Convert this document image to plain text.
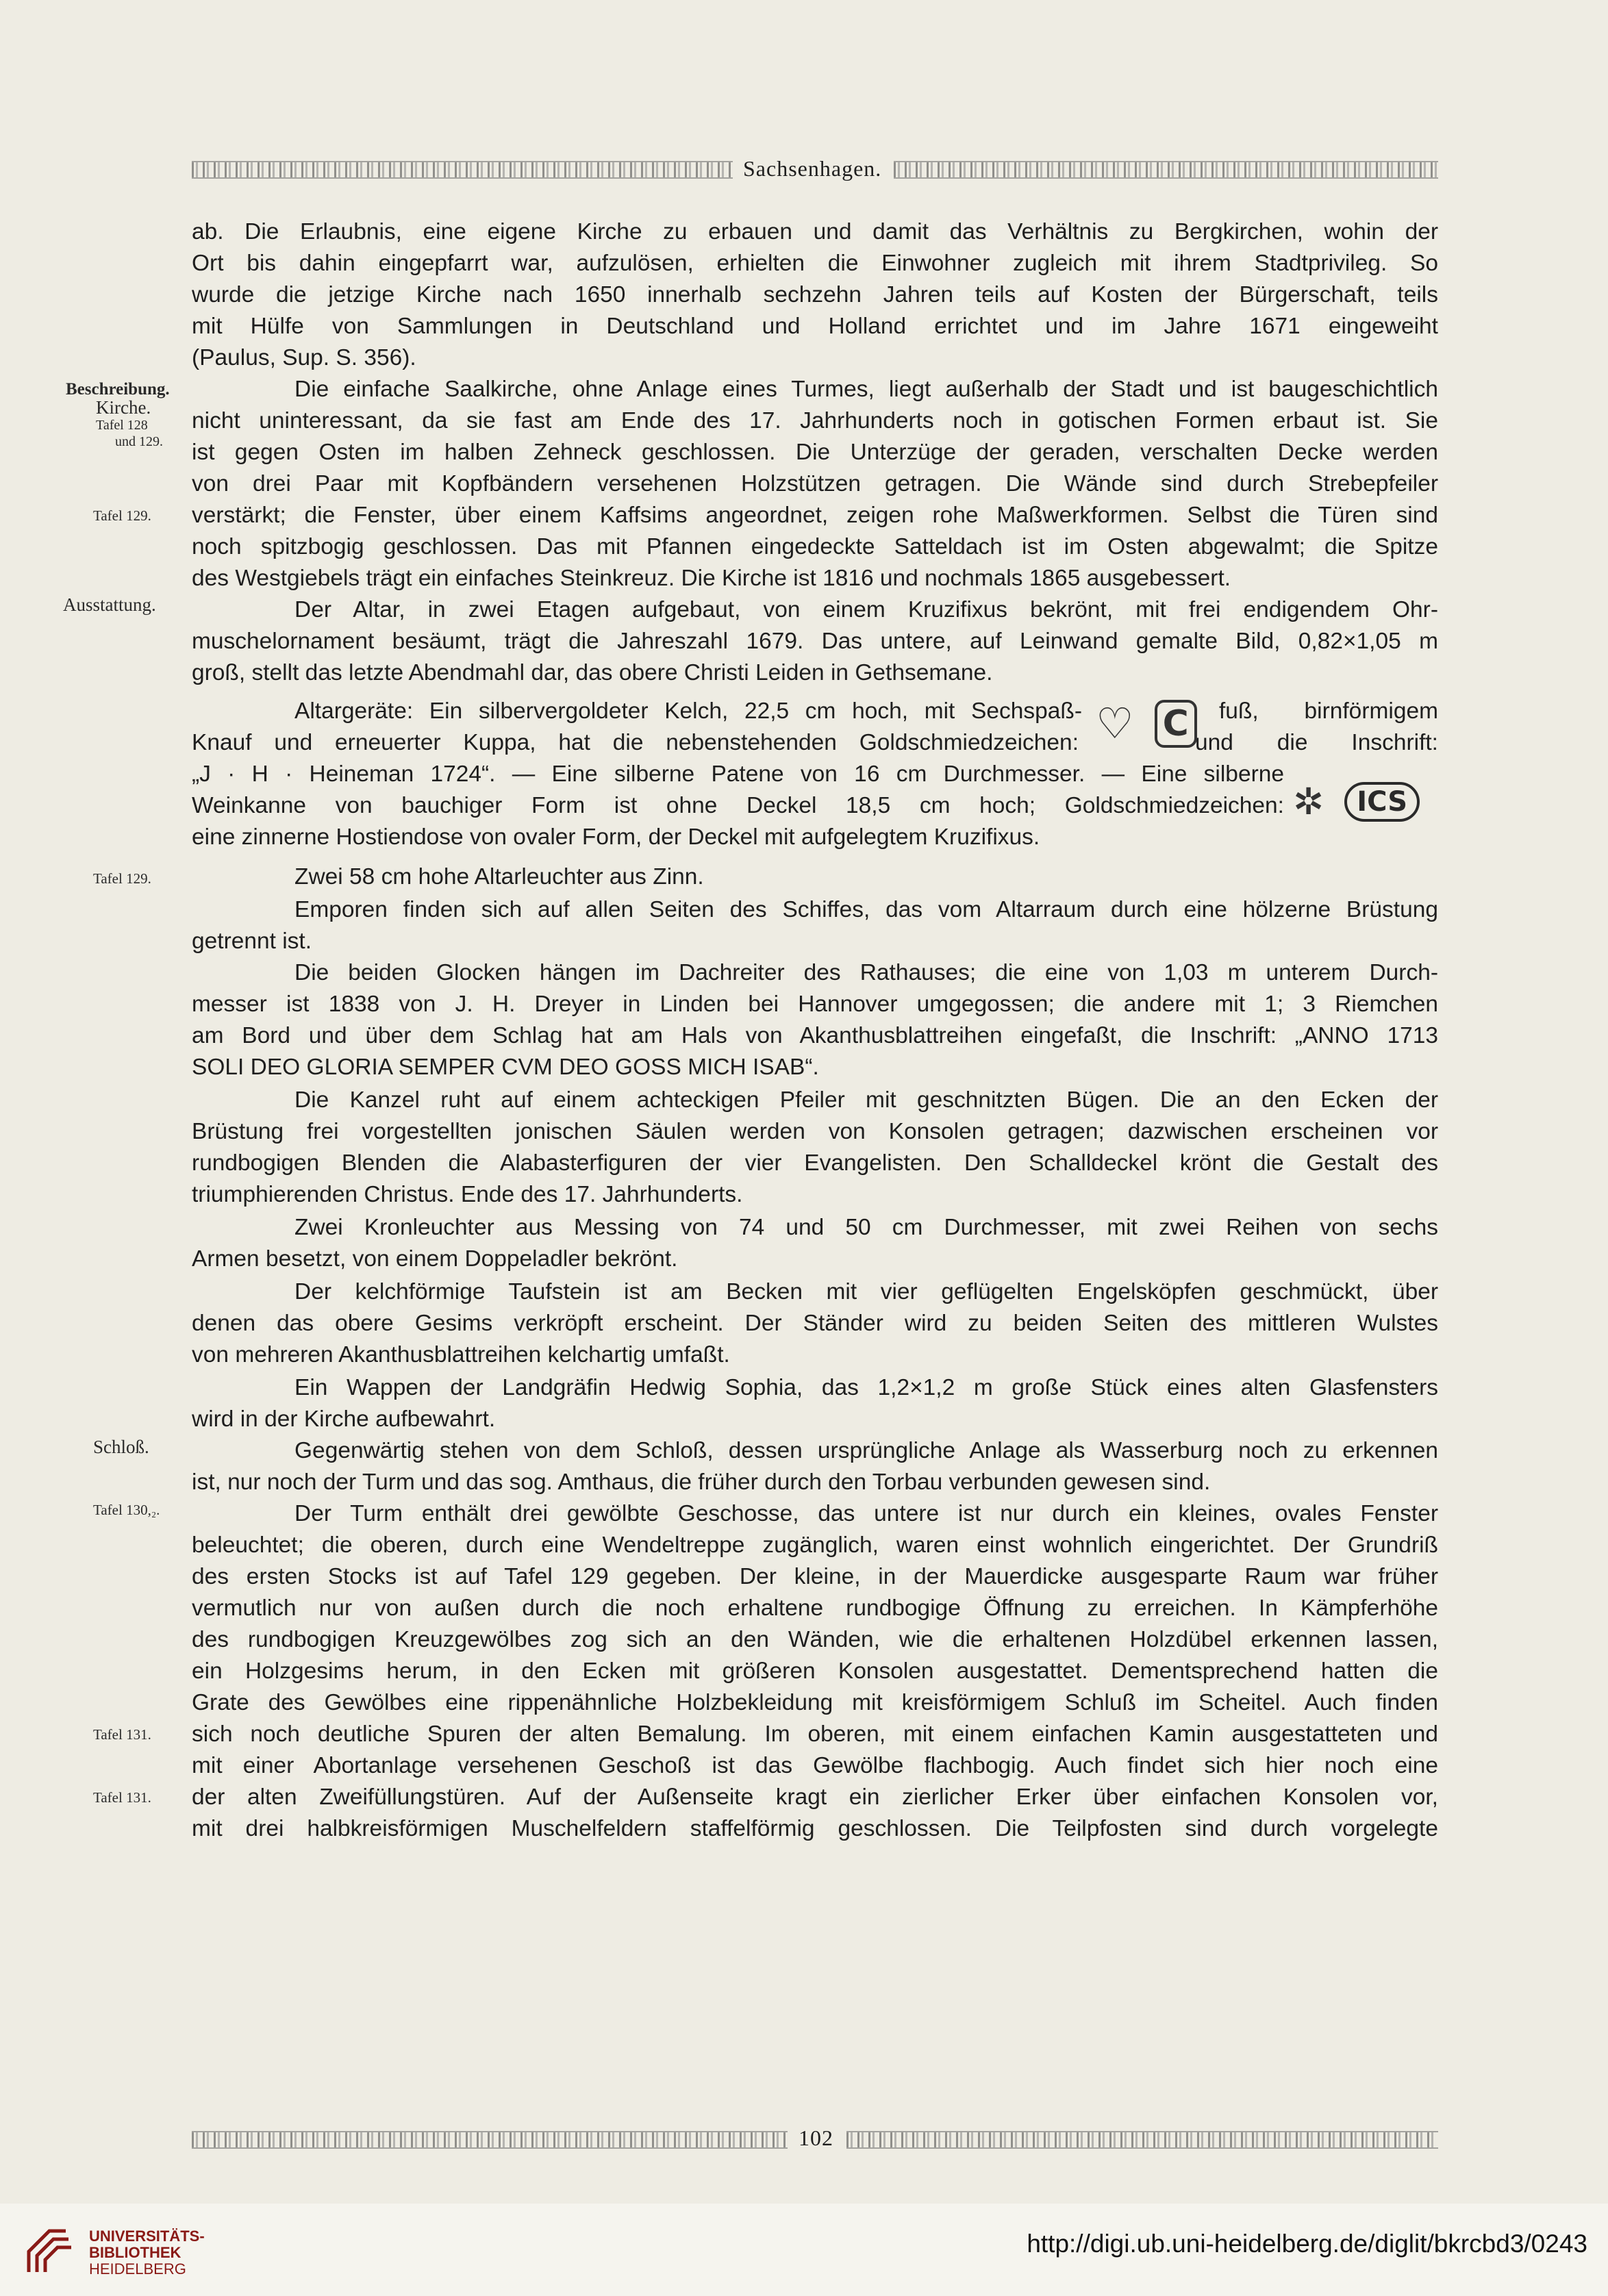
Sachsenhagen.
Beschreibung.
Kirche.
Tafel 128
und 129.
Tafel 129.
Ausstattung.
Tafel 129.
Schloß.
Tafel 130,₂.
Tafel 131.
Tafel 131.
ab. Die Erlaubnis, eine eigene Kirche zu erbauen und damit das Verhältnis zu Bergkirchen, wohin der
Ort bis dahin eingepfarrt war, aufzulösen, erhielten die Einwohner zugleich mit ihrem Stadtprivileg. So
wurde die jetzige Kirche nach 1650 innerhalb sechzehn Jahren teils auf Kosten der Bürgerschaft, teils
mit Hülfe von Sammlungen in Deutschland und Holland errichtet und im Jahre 1671 eingeweiht
(Paulus, Sup. S. 356).
Die einfache Saalkirche, ohne Anlage eines Turmes, liegt außerhalb der Stadt und ist baugeschichtlich
nicht uninteressant, da sie fast am Ende des 17. Jahrhunderts noch in gotischen Formen erbaut ist. Sie
ist gegen Osten im halben Zehneck geschlossen. Die Unterzüge der geraden, verschalten Decke werden
von drei Paar mit Kopfbändern versehenen Holzstützen getragen. Die Wände sind durch Strebepfeiler
verstärkt; die Fenster, über einem Kaffsims angeordnet, zeigen rohe Maßwerkformen. Selbst die Türen sind
noch spitzbogig geschlossen. Das mit Pfannen eingedeckte Satteldach ist im Osten abgewalmt; die Spitze
des Westgiebels trägt ein einfaches Steinkreuz. Die Kirche ist 1816 und nochmals 1865 ausgebessert.
Der Altar, in zwei Etagen aufgebaut, von einem Kruzifixus bekrönt, mit frei endigendem Ohr-
muschelornament besäumt, trägt die Jahreszahl 1679. Das untere, auf Leinwand gemalte Bild, 0,82×1,05 m
groß, stellt das letzte Abendmahl dar, das obere Christi Leiden in Gethsemane.
Altargeräte: Ein silbervergoldeter Kelch, 22,5 cm hoch, mit Sechspaß-	fuß, birnförmigem
Knauf und erneuerter Kuppa, hat die nebenstehenden Goldschmiedzeichen:	und die Inschrift:
„J · H · Heineman 1724“. — Eine silberne Patene von 16 cm Durchmesser. — Eine silberne
Weinkanne von bauchiger Form ist ohne Deckel 18,5 cm hoch; Goldschmiedzeichen:
eine zinnerne Hostiendose von ovaler Form, der Deckel mit aufgelegtem Kruzifixus.
Zwei 58 cm hohe Altarleuchter aus Zinn.
Emporen finden sich auf allen Seiten des Schiffes, das vom Altarraum durch eine hölzerne Brüstung
getrennt ist.
Die beiden Glocken hängen im Dachreiter des Rathauses; die eine von 1,03 m unterem Durch-
messer ist 1838 von J. H. Dreyer in Linden bei Hannover umgegossen; die andere mit 1; 3 Riemchen
am Bord und über dem Schlag hat am Hals von Akanthusblattreihen eingefaßt, die Inschrift: „ANNO 1713
SOLI DEO GLORIA SEMPER CVM DEO GOSS MICH ISAB“.
Die Kanzel ruht auf einem achteckigen Pfeiler mit geschnitzten Bügen. Die an den Ecken der
Brüstung frei vorgestellten jonischen Säulen werden von Konsolen getragen; dazwischen erscheinen vor
rundbogigen Blenden die Alabasterfiguren der vier Evangelisten. Den Schalldeckel krönt die Gestalt des
triumphierenden Christus. Ende des 17. Jahrhunderts.
Zwei Kronleuchter aus Messing von 74 und 50 cm Durchmesser, mit zwei Reihen von sechs
Armen besetzt, von einem Doppeladler bekrönt.
Der kelchförmige Taufstein ist am Becken mit vier geflügelten Engelsköpfen geschmückt, über
denen das obere Gesims verkröpft erscheint. Der Ständer wird zu beiden Seiten des mittleren Wulstes
von mehreren Akanthusblattreihen kelchartig umfaßt.
Ein Wappen der Landgräfin Hedwig Sophia, das 1,2×1,2 m große Stück eines alten Glasfensters
wird in der Kirche aufbewahrt.
Gegenwärtig stehen von dem Schloß, dessen ursprüngliche Anlage als Wasserburg noch zu erkennen
ist, nur noch der Turm und das sog. Amthaus, die früher durch den Torbau verbunden gewesen sind.
Der Turm enthält drei gewölbte Geschosse, das untere ist nur durch ein kleines, ovales Fenster
beleuchtet; die oberen, durch eine Wendeltreppe zugänglich, waren einst wohnlich eingerichtet. Der Grundriß
des ersten Stocks ist auf Tafel 129 gegeben. Der kleine, in der Mauerdicke ausgesparte Raum war früher
vermutlich nur von außen durch die noch erhaltene rundbogige Öffnung zu erreichen. In Kämpferhöhe
des rundbogigen Kreuzgewölbes zog sich an den Wänden, wie die erhaltenen Holzdübel erkennen lassen,
ein Holzgesims herum, in den Ecken mit größeren Konsolen ausgestattet. Dementsprechend hatten die
Grate des Gewölbes eine rippenähnliche Holzbekleidung mit kreisförmigem Schluß im Scheitel. Auch finden
sich noch deutliche Spuren der alten Bemalung. Im oberen, mit einem einfachen Kamin ausgestatteten und
mit einer Abortanlage versehenen Geschoß ist das Gewölbe flachbogig. Auch findet sich hier noch eine
der alten Zweifüllungstüren. Auf der Außenseite kragt ein zierlicher Erker über einfachen Konsolen vor,
mit drei halbkreisförmigen Muschelfeldern staffelförmig geschlossen. Die Teilpfosten sind durch vorgelegte
♡ C
✲	ICS
102
UNIVERSITÄTS-
BIBLIOTHEK
HEIDELBERG
http://digi.ub.uni-heidelberg.de/diglit/bkrcbd3/0243
